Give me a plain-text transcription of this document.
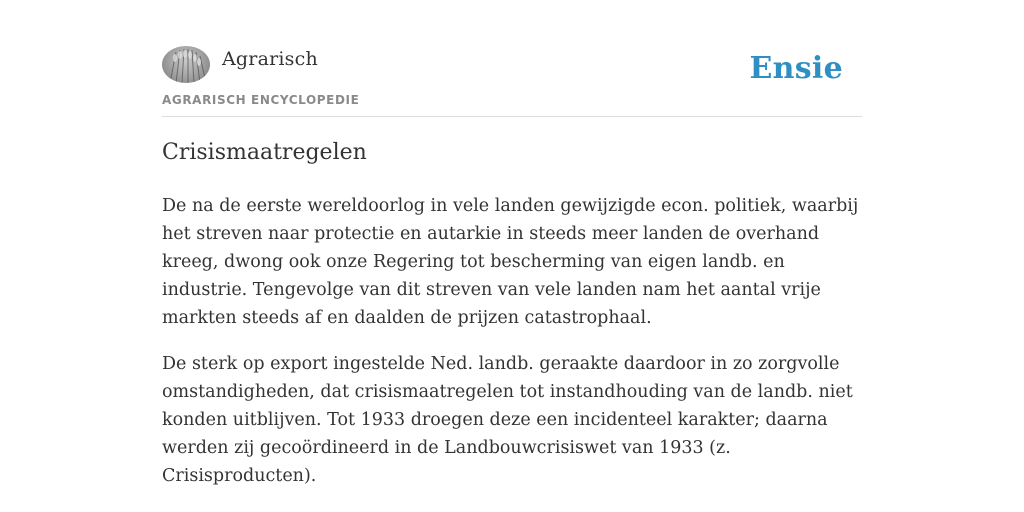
Agrarisch
AGRARISCH ENCYCLOPEDIE
Ensie
Crisismaatregelen

De na de eerste wereldoorlog in vele landen gewijzigde econ. politiek, waarbij het streven naar protectie en autarkie in steeds meer landen de overhand kreeg, dwong ook onze Regering tot bescherming van eigen landb. en industrie. Tengevolge van dit streven van vele landen nam het aantal vrije markten steeds af en daalden de prijzen catastrophaal.

De sterk op export ingestelde Ned. landb. geraakte daardoor in zo zorgvolle omstandigheden, dat crisismaatregelen tot instandhouding van de landb. niet konden uitblijven. Tot 1933 droegen deze een incidenteel karakter; daarna werden zij gecoördineerd in de Landbouwcrisiswet van 1933 (z. Crisisproducten).
